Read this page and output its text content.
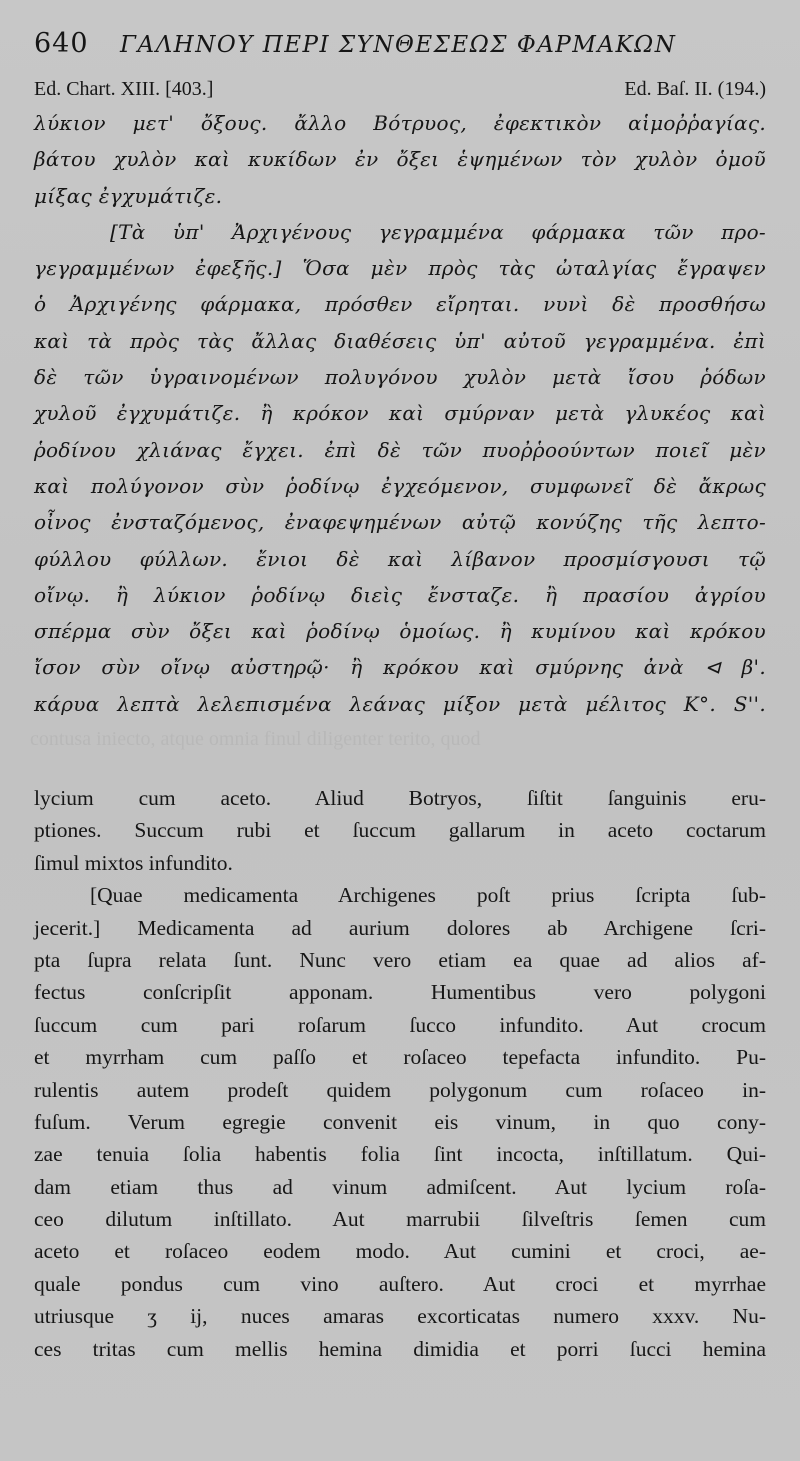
640 ΓΑΛΗΝΟΥ ΠΕΡΙ ΣΥΝΘΕΣΕΩΣ ΦΑΡΜΑΚΩΝ
Ed. Chart. XIII. [403.]	Ed. Baſ. II. (194.)
λύκιον μετ' ὄξους. ἄλλο Βότρυος, ἐφεκτικὸν αἱμοῤῥαγίας.
βάτου χυλὸν καὶ κυκίδων ἐν ὄξει ἑψημένων τὸν χυλὸν ὁμοῦ
μίξας ἐγχυμάτιζε.
[Τὰ ὑπ' Ἀρχιγένους γεγραμμένα φάρμακα τῶν προ-
γεγραμμένων ἐφεξῆς.] Ὅσα μὲν πρὸς τὰς ὠταλγίας ἔγραψεν
ὁ Ἀρχιγένης φάρμακα, πρόσθεν εἴρηται. νυνὶ δὲ προσθήσω
καὶ τὰ πρὸς τὰς ἄλλας διαθέσεις ὑπ' αὐτοῦ γεγραμμένα. ἐπὶ
δὲ τῶν ὑγραινομένων πολυγόνου χυλὸν μετὰ ἴσου ῥόδων
χυλοῦ ἐγχυμάτιζε. ἢ κρόκον καὶ σμύρναν μετὰ γλυκέος καὶ
ῥοδίνου χλιάνας ἔγχει. ἐπὶ δὲ τῶν πυοῤῥοούντων ποιεῖ μὲν
καὶ πολύγονον σὺν ῥοδίνῳ ἐγχεόμενον, συμφωνεῖ δὲ ἄκρως
οἶνος ἐνσταζόμενος, ἐναφεψημένων αὐτῷ κονύζης τῆς λεπτο-
φύλλου φύλλων. ἔνιοι δὲ καὶ λίβανον προσμίσγουσι τῷ
οἴνῳ. ἢ λύκιον ῥοδίνῳ διεὶς ἔνσταζε. ἢ πρασίου ἀγρίου
σπέρμα σὺν ὄξει καὶ ῥοδίνῳ ὁμοίως. ἢ κυμίνου καὶ κρόκου
ἴσον σὺν οἴνῳ αὐστηρῷ· ἢ κρόκου καὶ σμύρνης ἀνὰ ⊲ β'.
κάρυα λεπτὰ λελεπισμένα λεάνας μίξον μετὰ μέλιτος K°. S''.
contusa iniecto, atque omnia finul diligenter terito, quod
lycium cum aceto. Aliud Botryos, ſiſtit ſanguinis eru-
ptiones. Succum rubi et ſuccum gallarum in aceto coctarum
ſimul mixtos infundito.
[Quae medicamenta Archigenes poſt prius ſcripta ſub-
jecerit.] Medicamenta ad aurium dolores ab Archigene ſcri-
pta ſupra relata ſunt. Nunc vero etiam ea quae ad alios af-
fectus conſcripſit apponam. Humentibus vero polygoni
ſuccum cum pari roſarum ſucco infundito. Aut crocum
et myrrham cum paſſo et roſaceo tepefacta infundito. Pu-
rulentis autem prodeſt quidem polygonum cum roſaceo in-
fuſum. Verum egregie convenit eis vinum, in quo cony-
zae tenuia ſolia habentis folia ſint incocta, inſtillatum. Qui-
dam etiam thus ad vinum admiſcent. Aut lycium roſa-
ceo dilutum inſtillato. Aut marrubii ſilveſtris ſemen cum
aceto et roſaceo eodem modo. Aut cumini et croci, ae-
quale pondus cum vino auſtero. Aut croci et myrrhae
utriusque ʒ ij, nuces amaras excorticatas numero xxxv. Nu-
ces tritas cum mellis hemina dimidia et porri ſucci hemina
